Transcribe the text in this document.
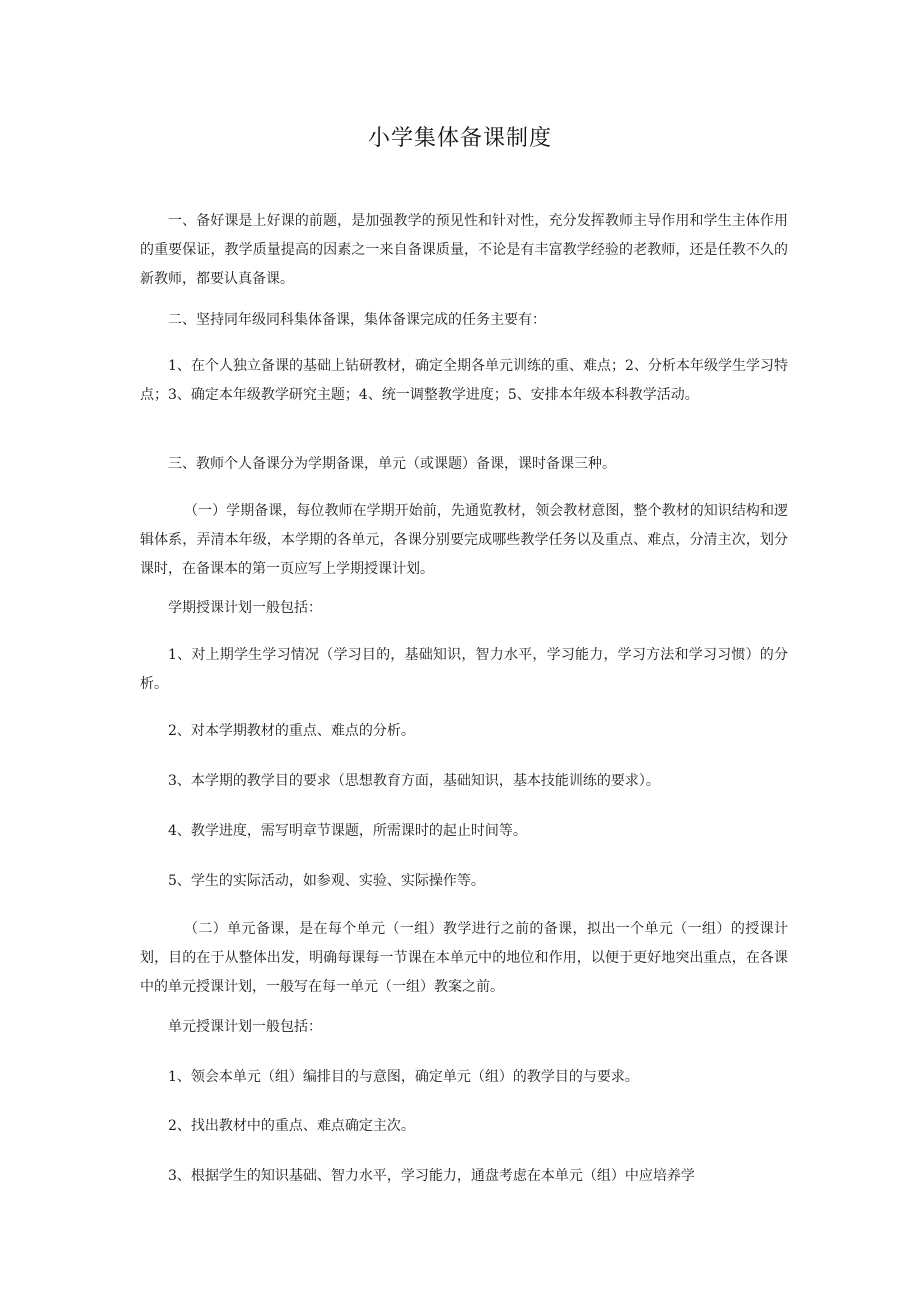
小学集体备课制度
一、备好课是上好课的前题，是加强教学的预见性和针对性，充分发挥教师主导作用和学生主体作用的重要保证，教学质量提高的因素之一来自备课质量，不论是有丰富教学经验的老教师，还是任教不久的新教师，都要认真备课。
二、坚持同年级同科集体备课，集体备课完成的任务主要有：
1、在个人独立备课的基础上钻研教材，确定全期各单元训练的重、难点；2、分析本年级学生学习特点；3、确定本年级教学研究主题；4、统一调整教学进度；5、安排本年级本科教学活动。
三、教师个人备课分为学期备课，单元（或课题）备课，课时备课三种。
（一）学期备课，每位教师在学期开始前，先通览教材，领会教材意图，整个教材的知识结构和逻辑体系，弄清本年级，本学期的各单元，各课分别要完成哪些教学任务以及重点、难点，分清主次，划分课时，在备课本的第一页应写上学期授课计划。
学期授课计划一般包括：
1、对上期学生学习情况（学习目的，基础知识，智力水平，学习能力，学习方法和学习习惯）的分析。
2、对本学期教材的重点、难点的分析。
3、本学期的教学目的要求（思想教育方面，基础知识，基本技能训练的要求）。
4、教学进度，需写明章节课题，所需课时的起止时间等。
5、学生的实际活动，如参观、实验、实际操作等。
（二）单元备课，是在每个单元（一组）教学进行之前的备课，拟出一个单元（一组）的授课计划，目的在于从整体出发，明确每课每一节课在本单元中的地位和作用，以便于更好地突出重点，在各课中的单元授课计划，一般写在每一单元（一组）教案之前。
单元授课计划一般包括：
1、领会本单元（组）编排目的与意图，确定单元（组）的教学目的与要求。
2、找出教材中的重点、难点确定主次。
3、根据学生的知识基础、智力水平，学习能力，通盘考虑在本单元（组）中应培养学
